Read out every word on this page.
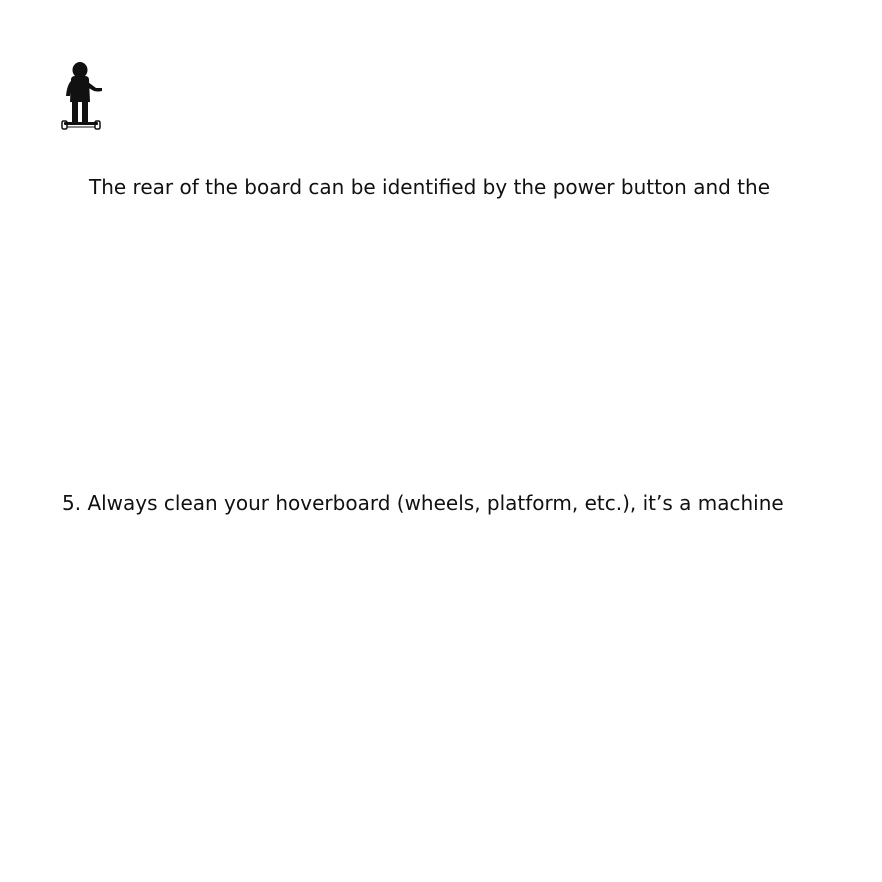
The rear of the board can be identified by the power button and the
5. Always clean your hoverboard (wheels, platform, etc.), it’s a machine
